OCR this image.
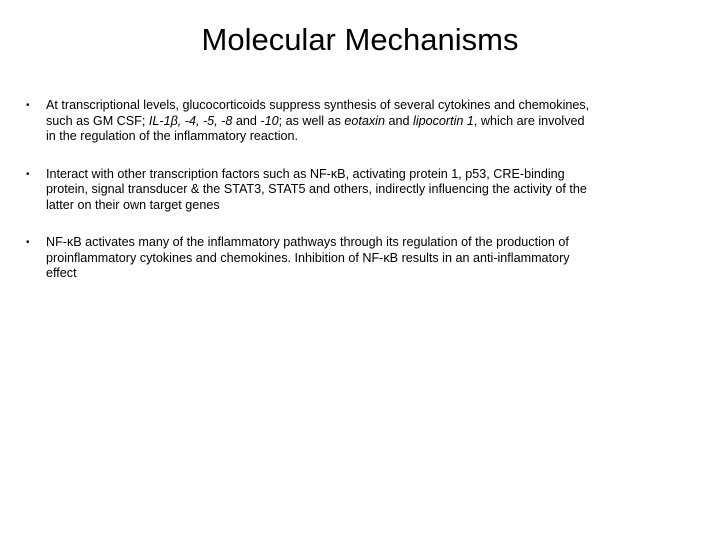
Molecular Mechanisms
•	At transcriptional levels, glucocorticoids suppress synthesis of several cytokines and chemokines, such as GM CSF; IL-1β, -4, -5, -8 and -10; as well as eotaxin and lipocortin 1, which are involved in the regulation of the inflammatory reaction.
•	Interact with other transcription factors such as NF-κB, activating protein 1, p53, CRE-binding protein, signal transducer & the STAT3, STAT5 and others, indirectly influencing the activity of the latter on their own target genes
•	NF-κB activates many of the inflammatory pathways through its regulation of the production of proinflammatory cytokines and chemokines. Inhibition of NF-κB results in an anti-inflammatory effect
